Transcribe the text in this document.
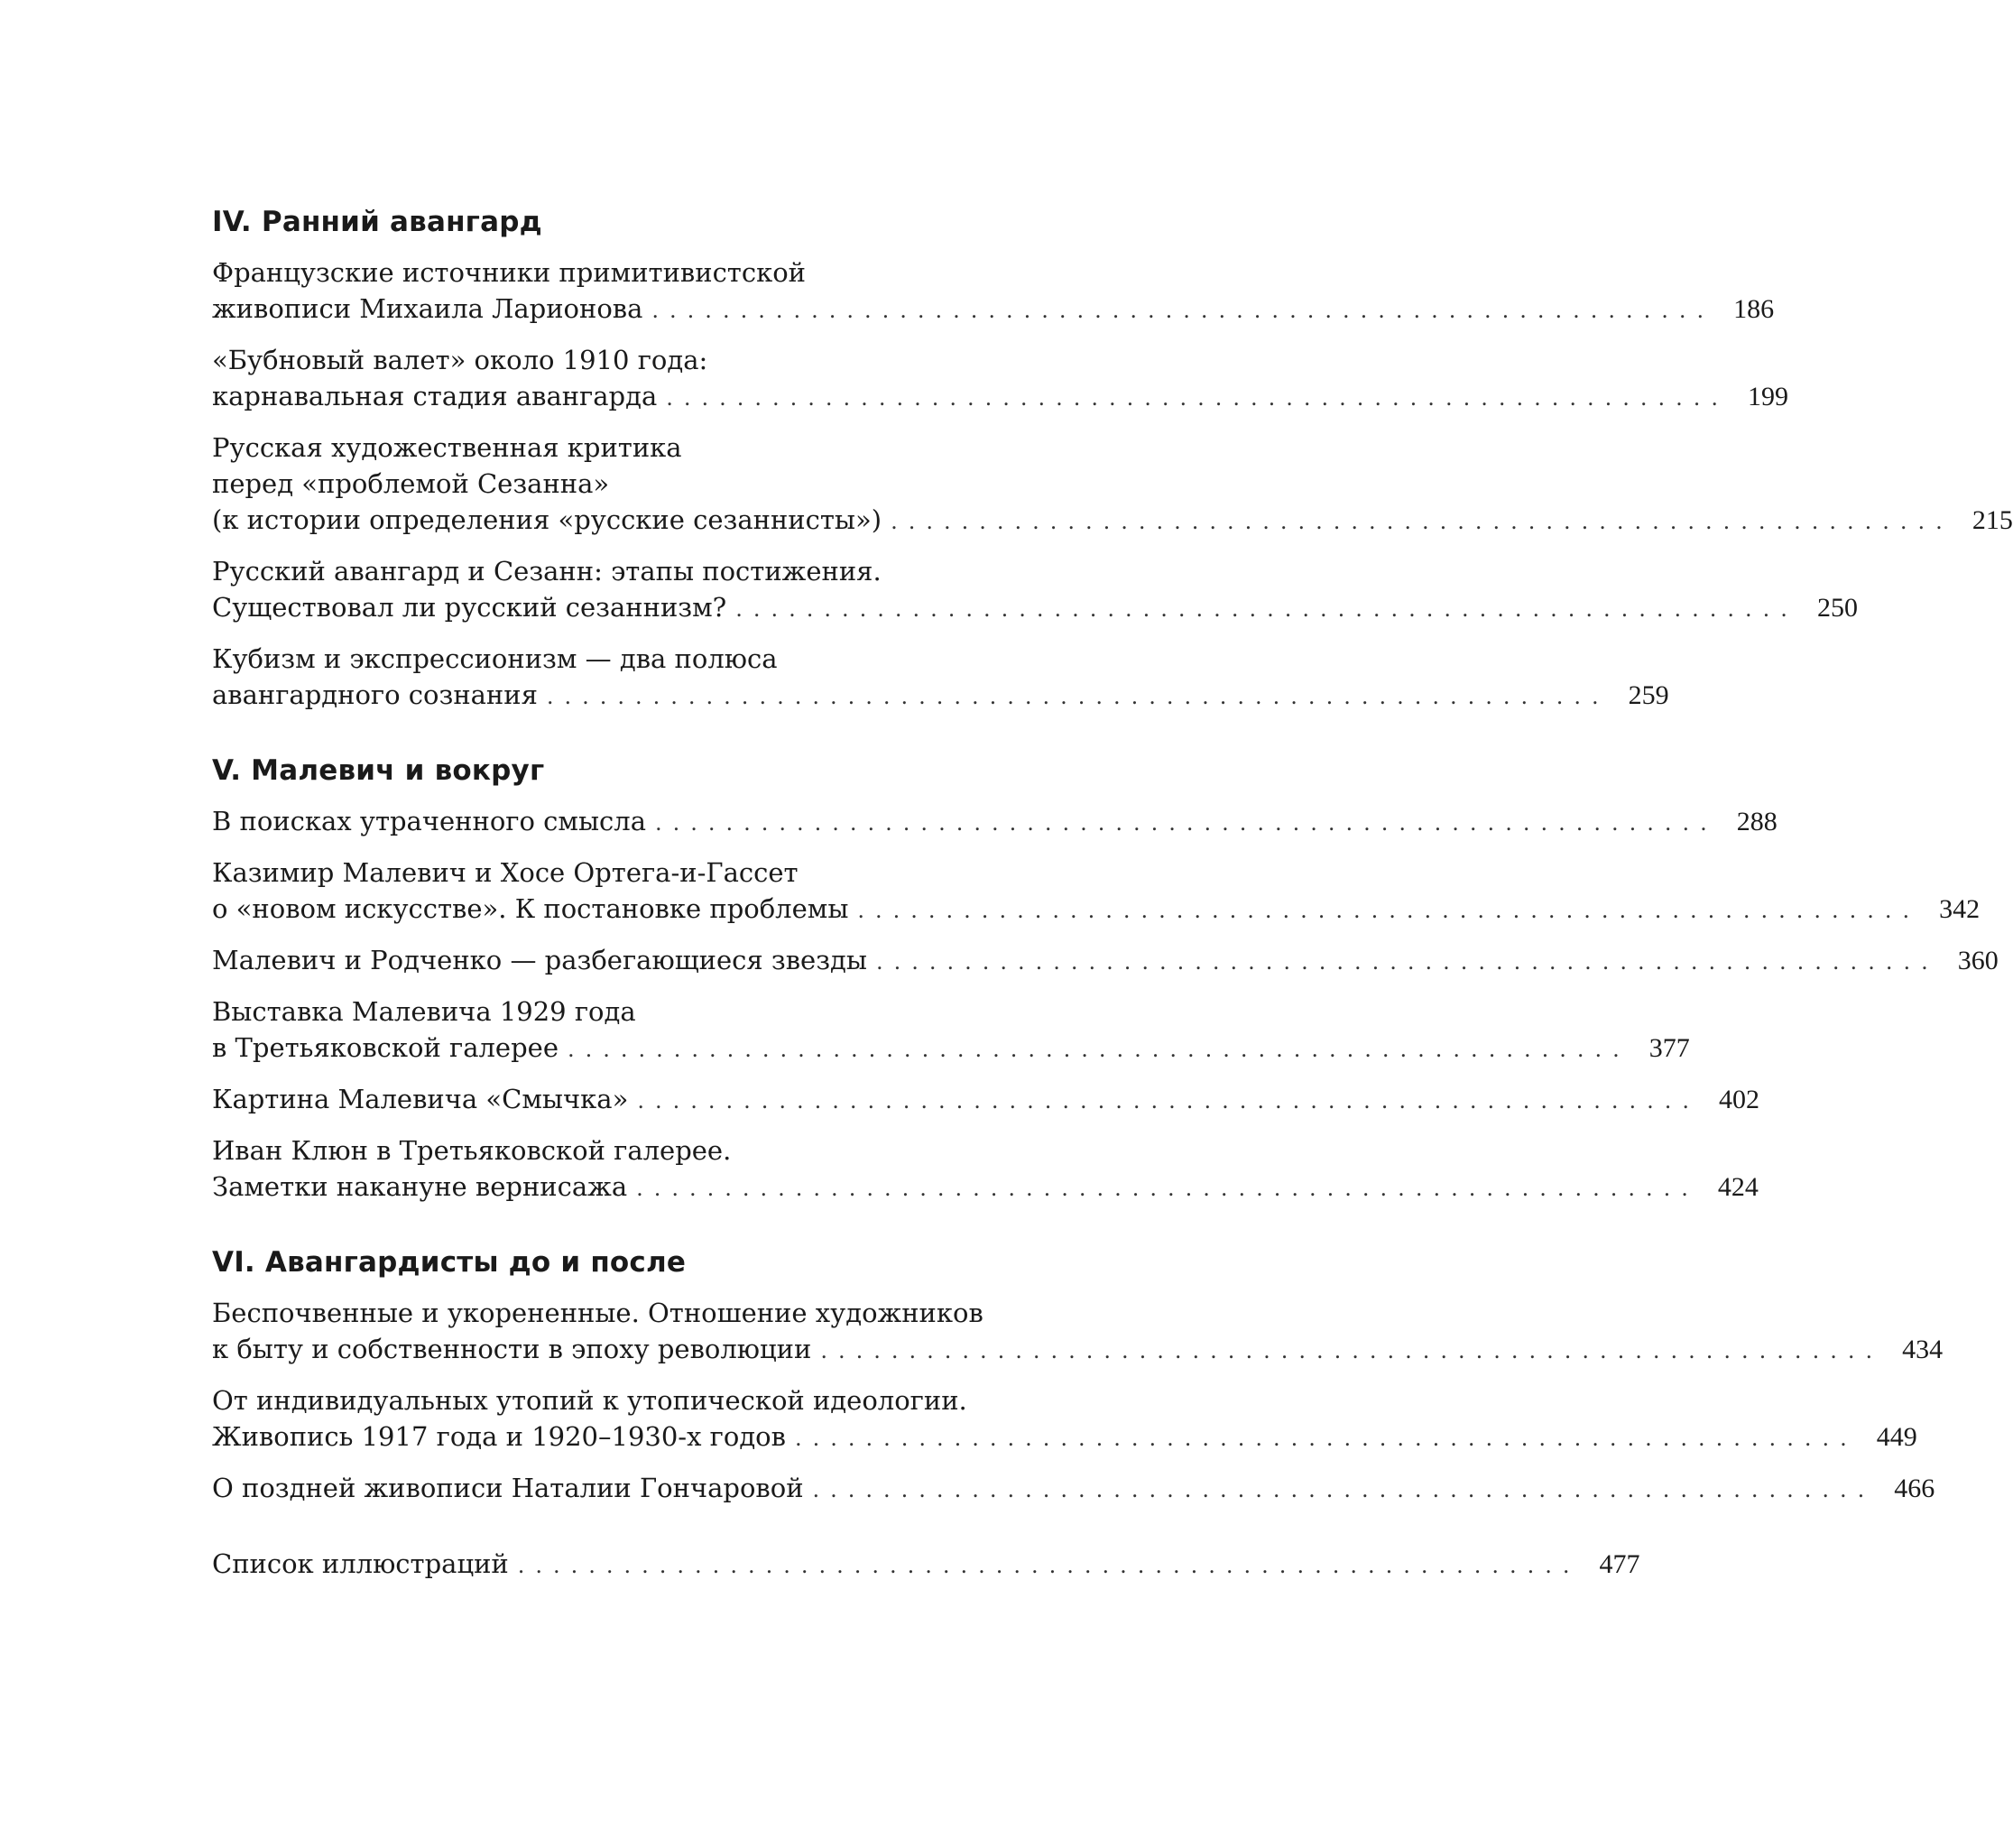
IV. Ранний авангард
Французские источники примитивистской
живописи Михаила Ларионова ............................................................ 186
«Бубновый валет» около 1910 года:
карнавальная стадия авангарда ............................................................ 199
Русская художественная критика
перед «проблемой Сезанна»
(к истории определения «русские сезаннисты») ............................................................ 215
Русский авангард и Сезанн: этапы постижения.
Существовал ли русский сезаннизм? ............................................................ 250
Кубизм и экспрессионизм — два полюса
авангардного сознания ............................................................ 259
V. Малевич и вокруг
В поисках утраченного смысла ............................................................ 288
Казимир Малевич и Хосе Ортега-и-Гассет
о «новом искусстве». К постановке проблемы ............................................................ 342
Малевич и Родченко — разбегающиеся звезды ............................................................ 360
Выставка Малевича 1929 года
в Третьяковской галерее ............................................................ 377
Картина Малевича «Смычка» ............................................................ 402
Иван Клюн в Третьяковской галерее.
Заметки накануне вернисажа ............................................................ 424
VI. Авангардисты до и после
Беспочвенные и укорененные. Отношение художников
к быту и собственности в эпоху революции ............................................................ 434
От индивидуальных утопий к утопической идеологии.
Живопись 1917 года и 1920–1930-х годов ............................................................ 449
О поздней живописи Наталии Гончаровой ............................................................ 466
Список иллюстраций ............................................................ 477
